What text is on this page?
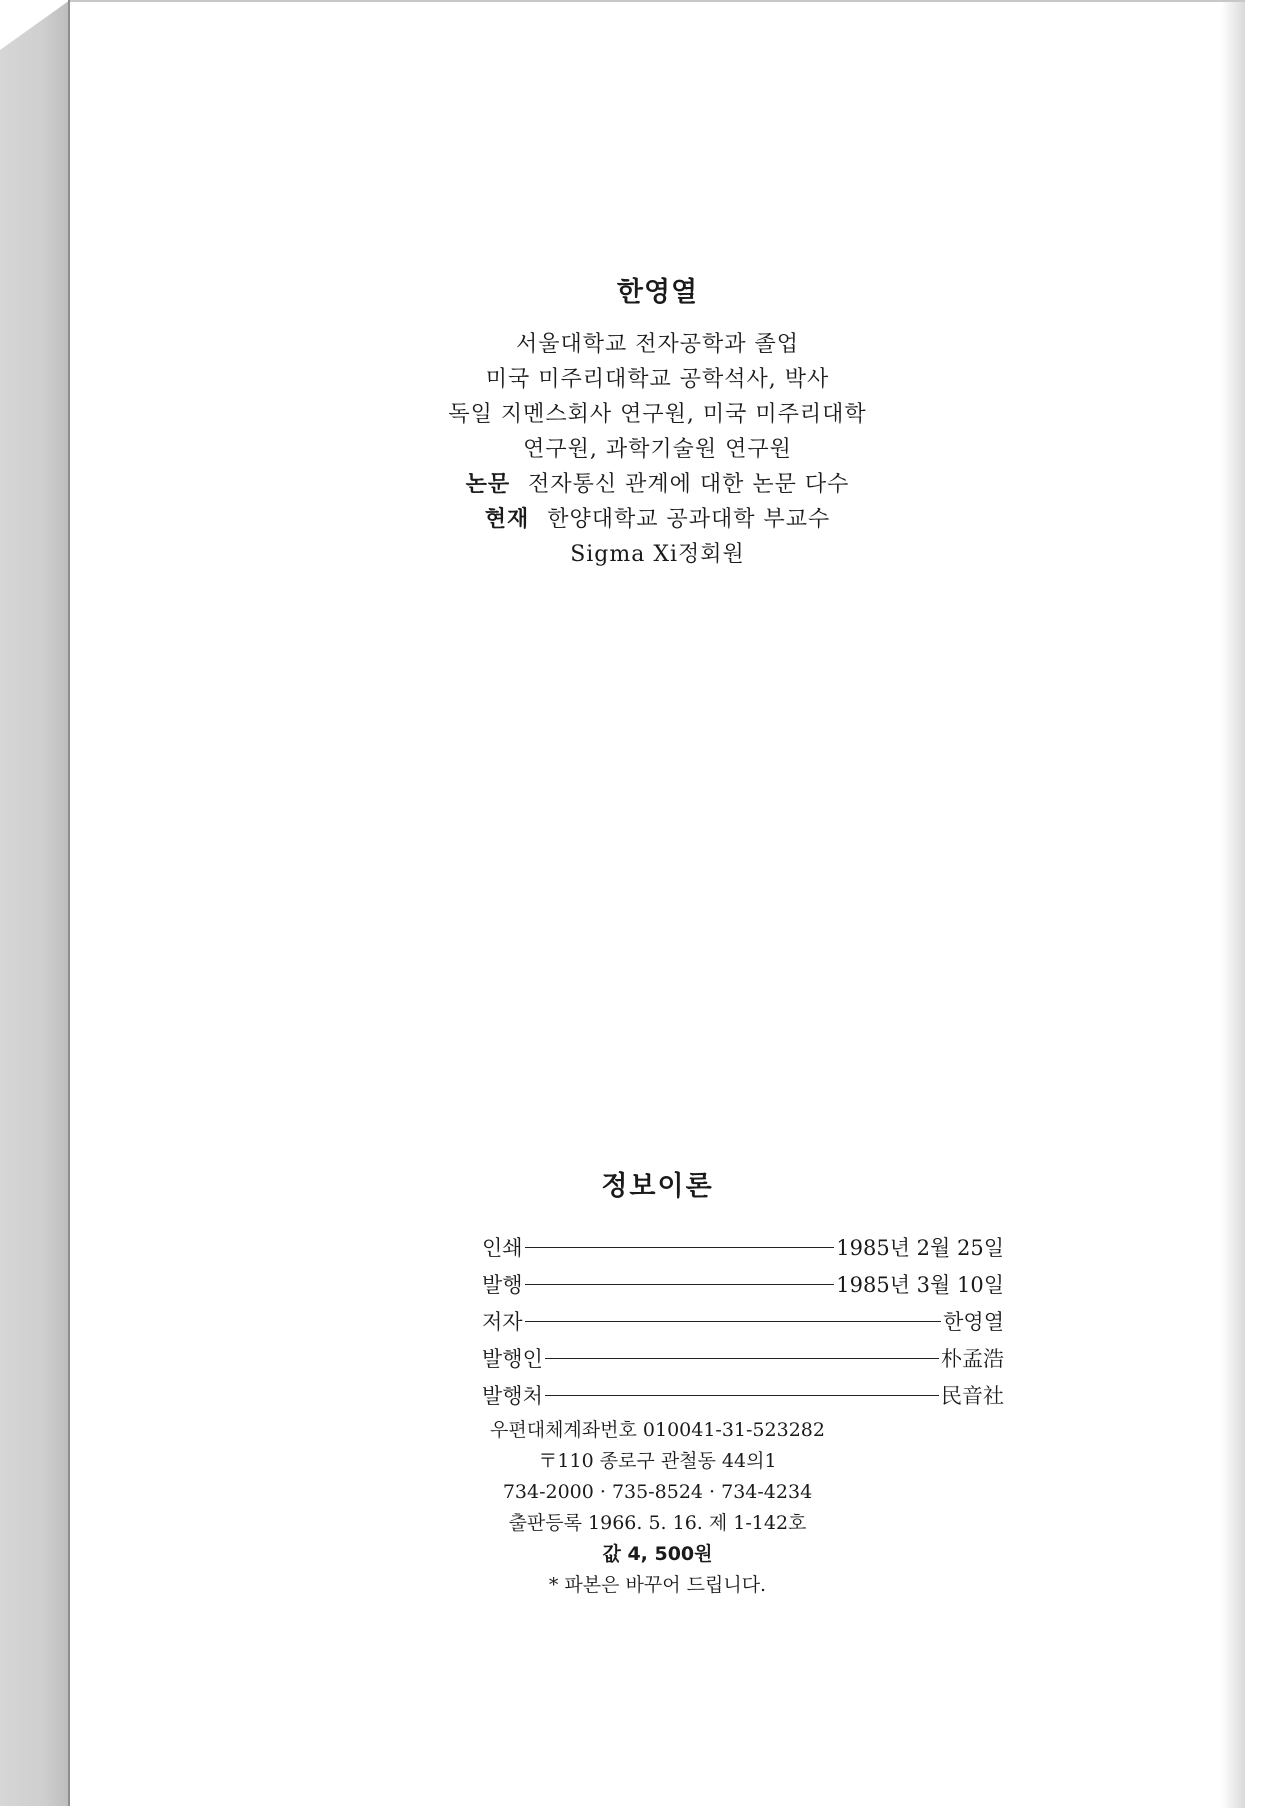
한영열
서울대학교 전자공학과 졸업
미국 미주리대학교 공학석사, 박사
독일 지멘스회사 연구원, 미국 미주리대학
연구원, 과학기술원 연구원
논문 전자통신 관계에 대한 논문 다수
현재 한양대학교 공과대학 부교수
Sigma Xi정회원
정보이론
인쇄	1985년 2월 25일
발행	1985년 3월 10일
저자	한영열
발행인	朴孟浩
발행처	民音社
우편대체계좌번호 010041-31-523282
〒110 종로구 관철동 44의1
734-2000 · 735-8524 · 734-4234
출판등록 1966. 5. 16. 제 1-142호
값 4, 500원
* 파본은 바꾸어 드립니다.
